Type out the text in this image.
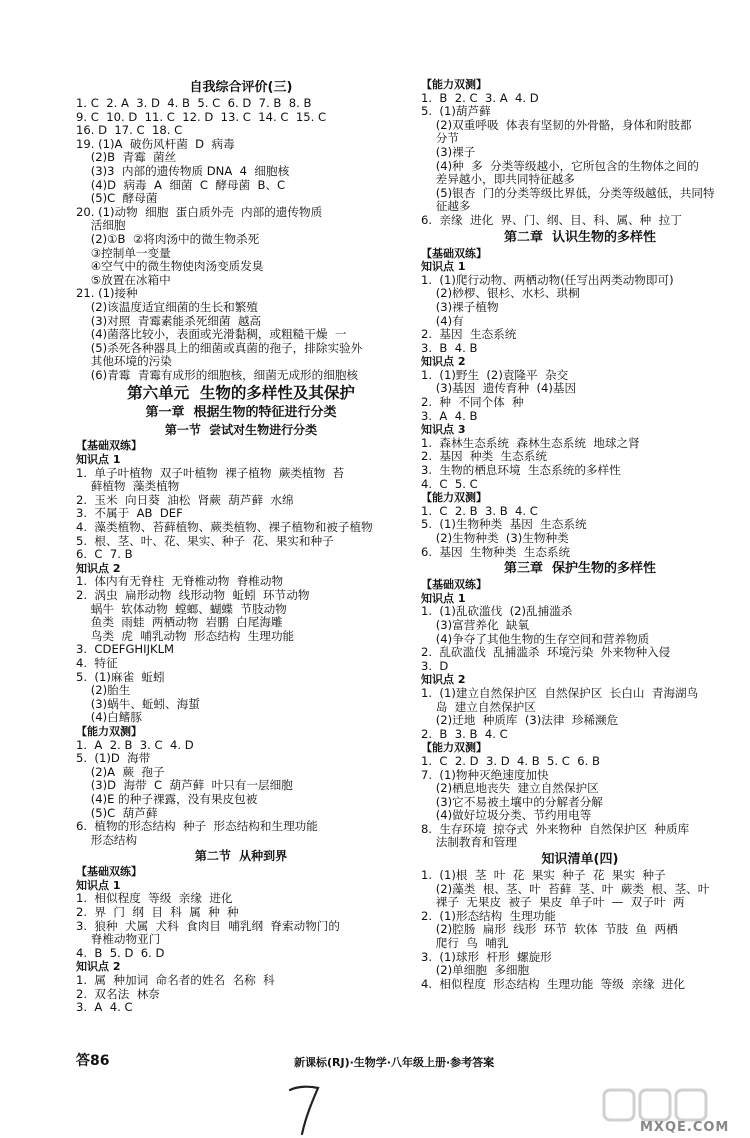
自我综合评价(三)
1. C  2. A  3. D  4. B  5. C  6. D  7. B  8. B
9. C  10. D  11. C  12. D  13. C  14. C  15. C
16. D  17. C  18. C
19. (1)A  破伤风杆菌  D  病毒
(2)B  青霉  菌丝
(3)3  内部的遗传物质 DNA  4  细胞核
(4)D  病毒  A  细菌  C  酵母菌  B、C
(5)C  酵母菌
20. (1)动物  细胞  蛋白质外壳  内部的遗传物质
活细胞
(2)①B  ②将肉汤中的微生物杀死
③控制单一变量
④空气中的微生物使肉汤变质发臭
⑤放置在冰箱中
21. (1)接种
(2)该温度适宜细菌的生长和繁殖
(3)对照  青霉素能杀死细菌  越高
(4)菌落比较小，表面或光滑黏稠，或粗糙干燥  一
(5)杀死各种器具上的细菌或真菌的孢子，排除实验外
其他环境的污染
(6)青霉  青霉有成形的细胞核，细菌无成形的细胞核
第六单元  生物的多样性及其保护
第一章  根据生物的特征进行分类
第一节  尝试对生物进行分类
【基础双练】
知识点 1
1.  单子叶植物  双子叶植物  裸子植物  蕨类植物  苔
藓植物  藻类植物
2.  玉米  向日葵  油松  肾蕨  葫芦藓  水绵
3.  不属于  AB  DEF
4.  藻类植物、苔藓植物、蕨类植物、裸子植物和被子植物
5.  根、茎、叶、花、果实、种子  花、果实和种子
6.  C  7. B
知识点 2
1.  体内有无脊柱  无脊椎动物  脊椎动物
2.  涡虫  扁形动物  线形动物  蚯蚓  环节动物
蜗牛  软体动物  螳螂、蝴蝶  节肢动物
鱼类  雨蛙  两栖动物  岩鹏  白尾海雕
鸟类  虎  哺乳动物  形态结构  生理功能
3.  CDEFGHIJKLM
4.  特征
5.  (1)麻雀  蚯蚓
(2)胎生
(3)蜗牛、蚯蚓、海蜇
(4)白鳍豚
【能力双测】
1.  A  2. B  3. C  4. D
5.  (1)D  海带
(2)A  蕨  孢子
(3)D  海带  C  葫芦藓  叶只有一层细胞
(4)E 的种子裸露，没有果皮包被
(5)C  葫芦藓
6.  植物的形态结构  种子  形态结构和生理功能
形态结构
第二节  从种到界
【基础双练】
知识点 1
1.  相似程度  等级  亲缘  进化
2.  界  门  纲  目  科  属  种  种
3.  狼种  犬属  犬科  食肉目  哺乳纲  脊索动物门的
脊椎动物亚门
4.  B  5. D  6. D
知识点 2
1.  属  种加词  命名者的姓名  名称  科
2.  双名法  林奈
3.  A  4. C
【能力双测】
1.  B  2. C  3. A  4. D
5.  (1)葫芦藓
(2)双重呼吸  体表有坚韧的外骨骼，身体和附肢都
分节
(3)裸子
(4)种  多  分类等级越小，它所包含的生物体之间的
差异越小，即共同特征越多
(5)银杏  门的分类等级比界低，分类等级越低，共同特
征越多
6.  亲缘  进化  界、门、纲、目、科、属、种  拉丁
第二章  认识生物的多样性
【基础双练】
知识点 1
1.  (1)爬行动物、两栖动物(任写出两类动物即可)
(2)桫椤、银杉、水杉、珙桐
(3)裸子植物
(4)有
2.  基因  生态系统
3.  B  4. B
知识点 2
1.  (1)野生  (2)袁隆平  杂交
(3)基因  遗传育种  (4)基因
2.  种  不同个体  种
3.  A  4. B
知识点 3
1.  森林生态系统  森林生态系统  地球之肾
2.  基因  种类  生态系统
3.  生物的栖息环境  生态系统的多样性
4.  C  5. C
【能力双测】
1.  C  2. B  3. B  4. C
5.  (1)生物种类  基因  生态系统
(2)生物种类  (3)生物种类
6.  基因  生物种类  生态系统
第三章  保护生物的多样性
【基础双练】
知识点 1
1.  (1)乱砍滥伐  (2)乱捕滥杀
(3)富营养化  缺氧
(4)争夺了其他生物的生存空间和营养物质
2.  乱砍滥伐  乱捕滥杀  环境污染  外来物种入侵
3.  D
知识点 2
1.  (1)建立自然保护区  自然保护区  长白山  青海湖鸟
岛  建立自然保护区
(2)迁地  种质库  (3)法律  珍稀濒危
2.  B  3. B  4. C
【能力双测】
1.  C  2. D  3. D  4. B  5. C  6. B
7.  (1)物种灭绝速度加快
(2)栖息地丧失  建立自然保护区
(3)它不易被土壤中的分解者分解
(4)做好垃圾分类、节约用电等
8.  生存环境  掠夺式  外来物种  自然保护区  种质库
法制教育和管理
知识清单(四)
1.  (1)根  茎  叶  花  果实  种子  花  果实  种子
(2)藻类  根、茎、叶  苔藓  茎、叶  蕨类  根、茎、叶
裸子  无果皮  被子  果皮  单子叶  —  双子叶  两
2.  (1)形态结构  生理功能
(2)腔肠  扁形  线形  环节  软体  节肢  鱼  两栖
爬行  鸟  哺乳
3.  (1)球形  杆形  螺旋形
(2)单细胞  多细胞
4.  相似程度  形态结构  生理功能  等级  亲缘  进化
答86	新课标(RJ)·生物学·八年级上册·参考答案
MXQE.COM
